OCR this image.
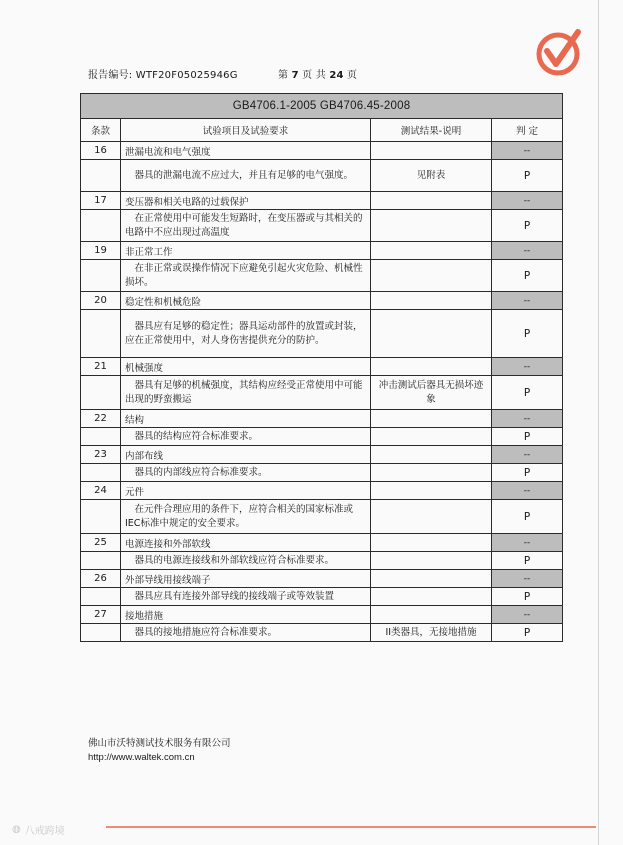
报告编号: WTF20F05025946G	第 7 页 共 24 页
GB4706.1-2005 GB4706.45-2008			
条款	试验项目及试验要求	测试结果-说明	判 定
16	泄漏电流和电气强度		--
	器具的泄漏电流不应过大，并且有足够的电气强度。	见附表	P
17	变压器和相关电路的过载保护		--
	在正常使用中可能发生短路时，在变压器或与其相关的电路中不应出现过高温度		P
19	非正常工作		--
	在非正常或误操作情况下应避免引起火灾危险、机械性损坏。		P
20	稳定性和机械危险		--
	器具应有足够的稳定性；器具运动部件的放置或封装，应在正常使用中，对人身伤害提供充分的防护。		P
21	机械强度		--
	器具有足够的机械强度，其结构应经受正常使用中可能出现的野蛮搬运	冲击测试后器具无损坏迹象	P
22	结构		--
	器具的结构应符合标准要求。		P
23	内部布线		--
	器具的内部线应符合标准要求。		P
24	元件		--
	在元件合理应用的条件下，应符合相关的国家标准或IEC标准中规定的安全要求。		P
25	电源连接和外部软线		--
	器具的电源连接线和外部软线应符合标准要求。		P
26	外部导线用接线端子		--
	器具应具有连接外部导线的接线端子或等效装置		P
27	接地措施		--
	器具的接地措施应符合标准要求。	II类器具，无接地措施	P
佛山市沃特测试技术服务有限公司
http://www.waltek.com.cn
◍ 八戒跨境
